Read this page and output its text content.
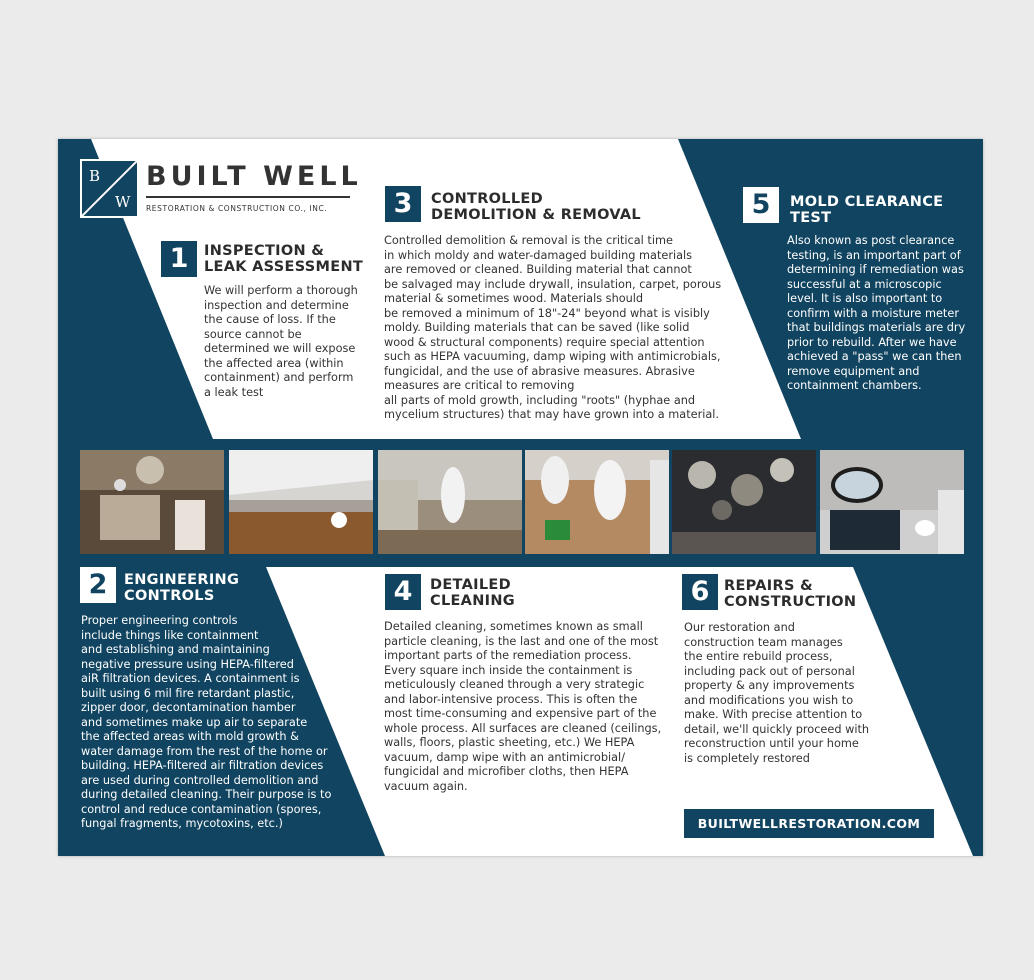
B
W
BUILT WELL
RESTORATION & CONSTRUCTION CO., INC.
1	INSPECTION &
LEAK ASSESSMENT
We will perform a thorough
inspection and determine
the cause of loss. If the
source cannot be
determined we will expose
the affected area (within
containment) and perform
a leak test
3	CONTROLLED
DEMOLITION & REMOVAL
Controlled demolition & removal is the critical time
in which moldy and water-damaged building materials
are removed or cleaned. Building material that cannot
be salvaged may include drywall, insulation, carpet, porous
material & sometimes wood. Materials should
be removed a minimum of 18"-24" beyond what is visibly
moldy. Building materials that can be saved (like solid
wood & structural components) require special attention
such as HEPA vacuuming, damp wiping with antimicrobials,
fungicidal, and the use of abrasive measures. Abrasive
measures are critical to removing
all parts of mold growth, including "roots" (hyphae and
mycelium structures) that may have grown into a material.
5	MOLD CLEARANCE
TEST
Also known as post clearance
testing, is an important part of
determining if remediation was
successful at a microscopic
level. It is also important to
confirm with a moisture meter
that buildings materials are dry
prior to rebuild. After we have
achieved a "pass" we can then
remove equipment and
containment chambers.
2	ENGINEERING
CONTROLS
Proper engineering controls
include things like containment
and establishing and maintaining
negative pressure using HEPA-filtered
aiR filtration devices. A containment is
built using 6 mil fire retardant plastic,
zipper door, decontamination hamber
and sometimes make up air to separate
the affected areas with mold growth &
water damage from the rest of the home or
building. HEPA-filtered air filtration devices
are used during controlled demolition and
during detailed cleaning. Their purpose is to
control and reduce contamination (spores,
fungal fragments, mycotoxins, etc.)
4	DETAILED
CLEANING
Detailed cleaning, sometimes known as small
particle cleaning, is the last and one of the most
important parts of the remediation process.
Every square inch inside the containment is
meticulously cleaned through a very strategic
and labor-intensive process. This is often the
most time-consuming and expensive part of the
whole process. All surfaces are cleaned (ceilings,
walls, floors, plastic sheeting, etc.) We HEPA
vacuum, damp wipe with an antimicrobial/
fungicidal and microfiber cloths, then HEPA
vacuum again.
6	REPAIRS &
CONSTRUCTION
Our restoration and
construction team manages
the entire rebuild process,
including pack out of personal
property & any improvements
and modifications you wish to
make. With precise attention to
detail, we'll quickly proceed with
reconstruction until your home
is completely restored
BUILTWELLRESTORATION.COM
